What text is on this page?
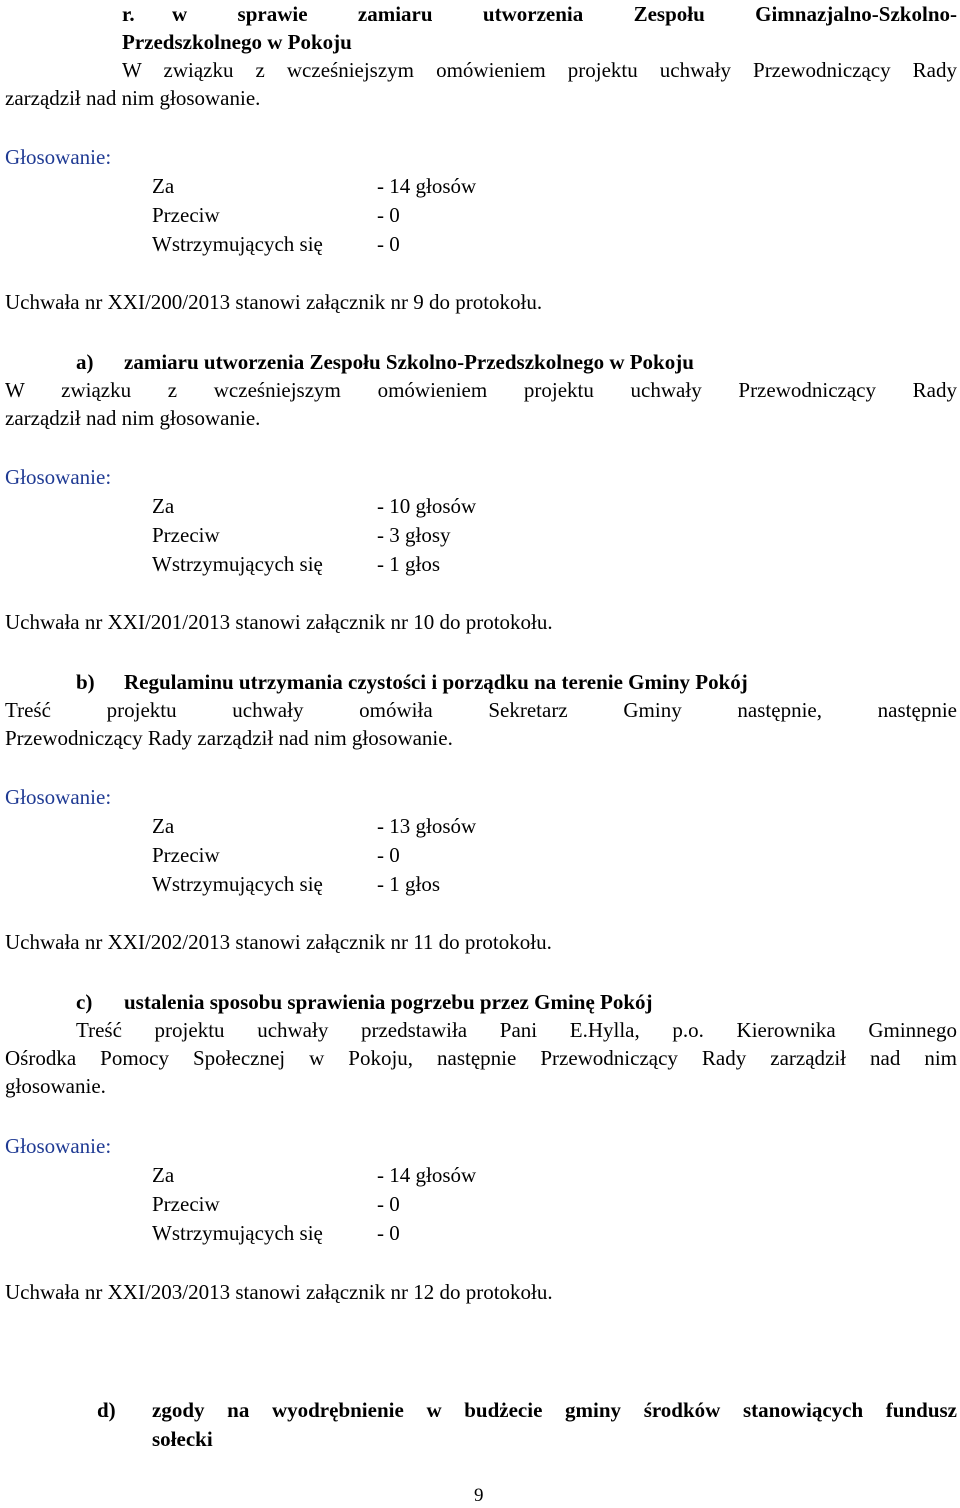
r. w sprawie zamiaru utworzenia Zespołu Gimnazjalno-Szkolno-
Przedszkolnego w Pokoju
W związku z wcześniejszym omówieniem projektu uchwały Przewodniczący Rady
zarządził nad nim głosowanie.
Głosowanie:
Za	- 14 głosów
Przeciw	- 0
Wstrzymujących się	- 0
Uchwała nr XXI/200/2013 stanowi załącznik nr 9 do protokołu.
a) zamiaru utworzenia Zespołu Szkolno-Przedszkolnego w Pokoju
W związku z wcześniejszym omówieniem projektu uchwały Przewodniczący Rady
zarządził nad nim głosowanie.
Głosowanie:
Za	- 10 głosów
Przeciw	- 3 głosy
Wstrzymujących się	- 1 głos
Uchwała nr XXI/201/2013 stanowi załącznik nr 10 do protokołu.
b) Regulaminu utrzymania czystości i porządku na terenie Gminy Pokój
Treść projektu uchwały omówiła Sekretarz Gminy następnie, następnie
Przewodniczący Rady zarządził nad nim głosowanie.
Głosowanie:
Za	- 13 głosów
Przeciw	- 0
Wstrzymujących się	- 1 głos
Uchwała nr XXI/202/2013 stanowi załącznik nr 11 do protokołu.
c) ustalenia sposobu sprawienia pogrzebu przez Gminę Pokój
Treść projektu uchwały przedstawiła Pani E.Hylla, p.o. Kierownika Gminnego
Ośrodka Pomocy Społecznej w Pokoju, następnie Przewodniczący Rady zarządził nad nim
głosowanie.
Głosowanie:
Za	- 14 głosów
Przeciw	- 0
Wstrzymujących się	- 0
Uchwała nr XXI/203/2013 stanowi załącznik nr 12 do protokołu.
d) zgody na wyodrębnienie w budżecie gminy środków stanowiących fundusz
sołecki
9
